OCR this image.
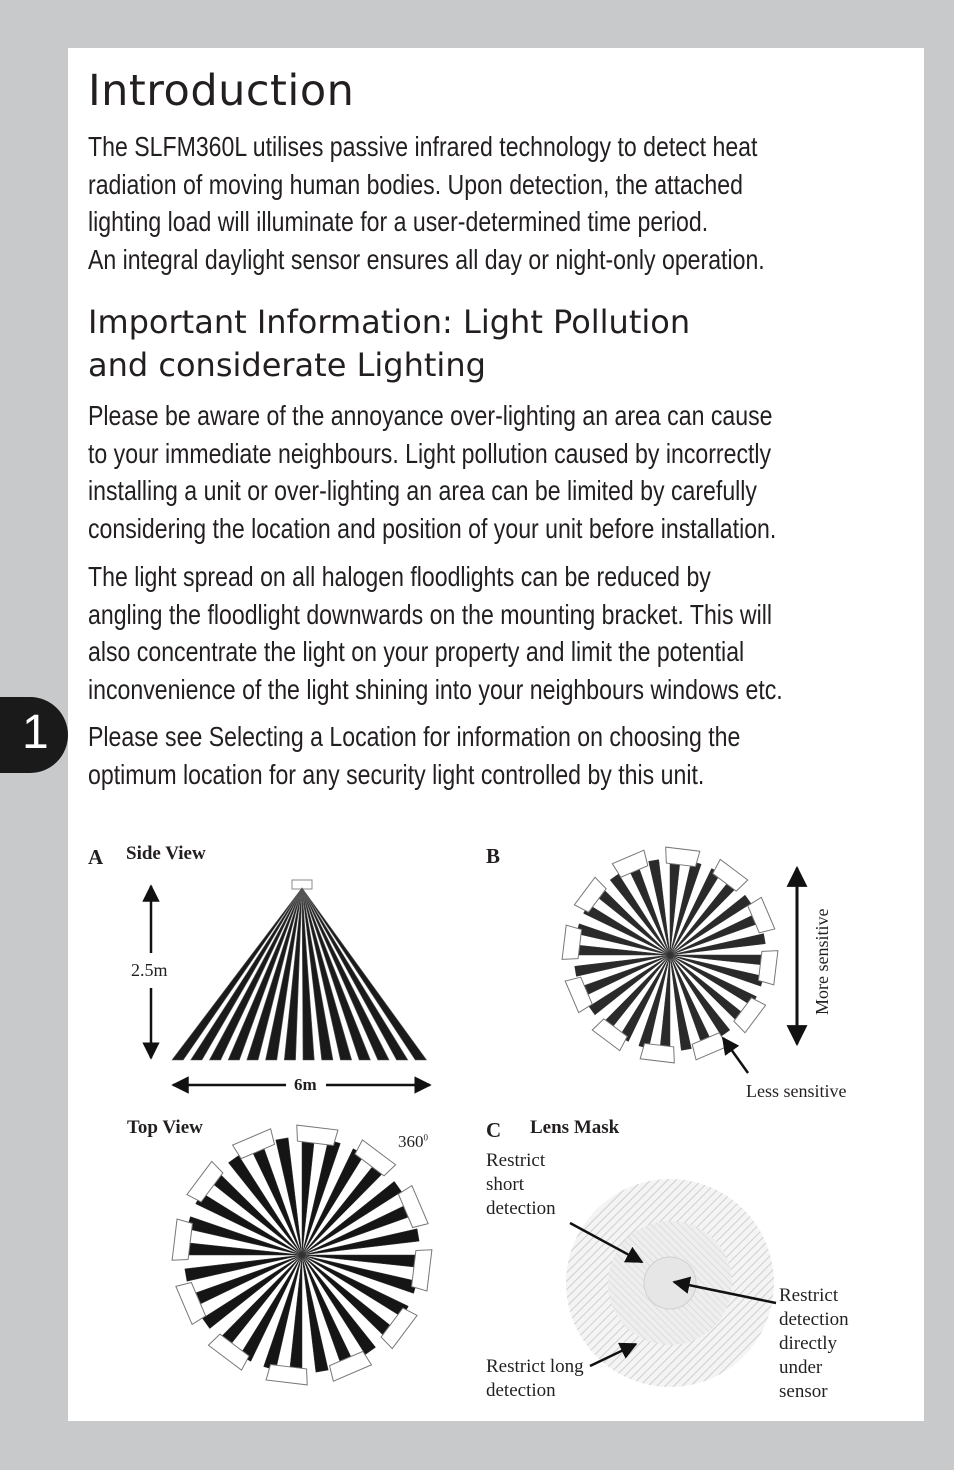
Introduction
The SLFM360L utilises passive infrared technology to detect heat
radiation of moving human bodies. Upon detection, the attached
lighting load will illuminate for a user-determined time period.
An integral daylight sensor ensures all day or night-only operation.
Important Information: Light Pollution
and considerate Lighting
Please be aware of the annoyance over-lighting an area can cause
to your immediate neighbours. Light pollution caused by incorrectly
installing a unit or over-lighting an area can be limited by carefully
considering the location and position of your unit before installation.
The light spread on all halogen floodlights can be reduced by
angling the floodlight downwards on the mounting bracket. This will
also concentrate the light on your property and limit the potential
inconvenience of the light shining into your neighbours windows etc.
Please see Selecting a Location for information on choosing the
optimum location for any security light controlled by this unit.
A Side View
2.5m
6m
Top View
$360^0$
B
More sensitive
Less sensitive
C Lens Mask
Restrict
short
detection
Restrict long
detection
Restrict
detection
directly
under
sensor
1
